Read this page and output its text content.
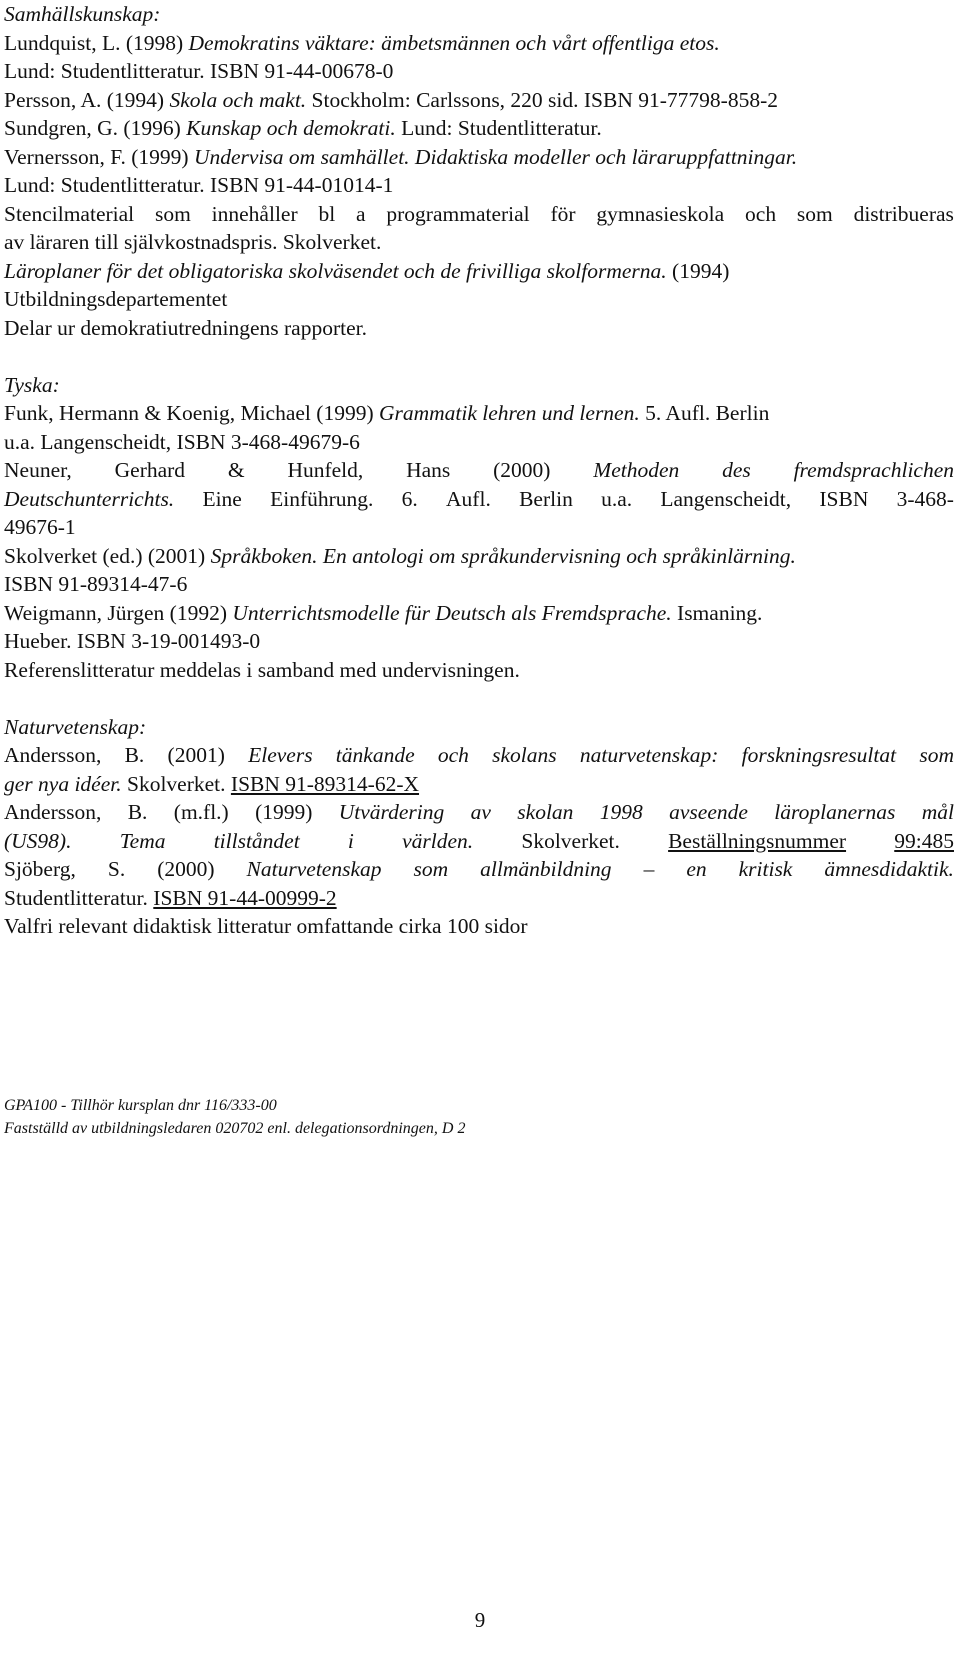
Samhällskunskap:
Lundquist, L. (1998) Demokratins väktare: ämbetsmännen och vårt offentliga etos.
Lund: Studentlitteratur. ISBN 91-44-00678-0
Persson, A. (1994) Skola och makt. Stockholm: Carlssons, 220 sid. ISBN 91-77798-858-2
Sundgren, G. (1996) Kunskap och demokrati. Lund: Studentlitteratur.
Vernersson, F. (1999) Undervisa om samhället. Didaktiska modeller och läraruppfattningar.
Lund: Studentlitteratur. ISBN 91-44-01014-1
Stencilmaterial som innehåller bl a programmaterial för gymnasieskola och som distribueras
av läraren till självkostnadspris. Skolverket.
Läroplaner för det obligatoriska skolväsendet och de frivilliga skolformerna. (1994)
Utbildningsdepartementet
Delar ur demokratiutredningens rapporter.
Tyska:
Funk, Hermann & Koenig, Michael (1999) Grammatik lehren und lernen. 5. Aufl. Berlin
u.a. Langenscheidt, ISBN 3-468-49679-6
Neuner, Gerhard & Hunfeld, Hans (2000) Methoden des fremdsprachlichen
Deutschunterrichts. Eine Einführung. 6. Aufl. Berlin u.a. Langenscheidt, ISBN 3-468-
49676-1
Skolverket (ed.) (2001) Språkboken. En antologi om språkundervisning och språkinlärning.
ISBN 91-89314-47-6
Weigmann, Jürgen (1992) Unterrichtsmodelle für Deutsch als Fremdsprache. Ismaning.
Hueber. ISBN 3-19-001493-0
Referenslitteratur meddelas i samband med undervisningen.
Naturvetenskap:
Andersson, B. (2001) Elevers tänkande och skolans naturvetenskap: forskningsresultat som
ger nya idéer. Skolverket. ISBN 91-89314-62-X
Andersson, B. (m.fl.) (1999) Utvärdering av skolan 1998 avseende läroplanernas mål
(US98). Tema tillståndet i världen. Skolverket. Beställningsnummer 99:485
Sjöberg, S. (2000) Naturvetenskap som allmänbildning – en kritisk ämnesdidaktik.
Studentlitteratur. ISBN 91-44-00999-2
Valfri relevant didaktisk litteratur omfattande cirka 100 sidor
GPA100 - Tillhör kursplan dnr 116/333-00
Fastställd av utbildningsledaren 020702 enl. delegationsordningen, D 2
9
